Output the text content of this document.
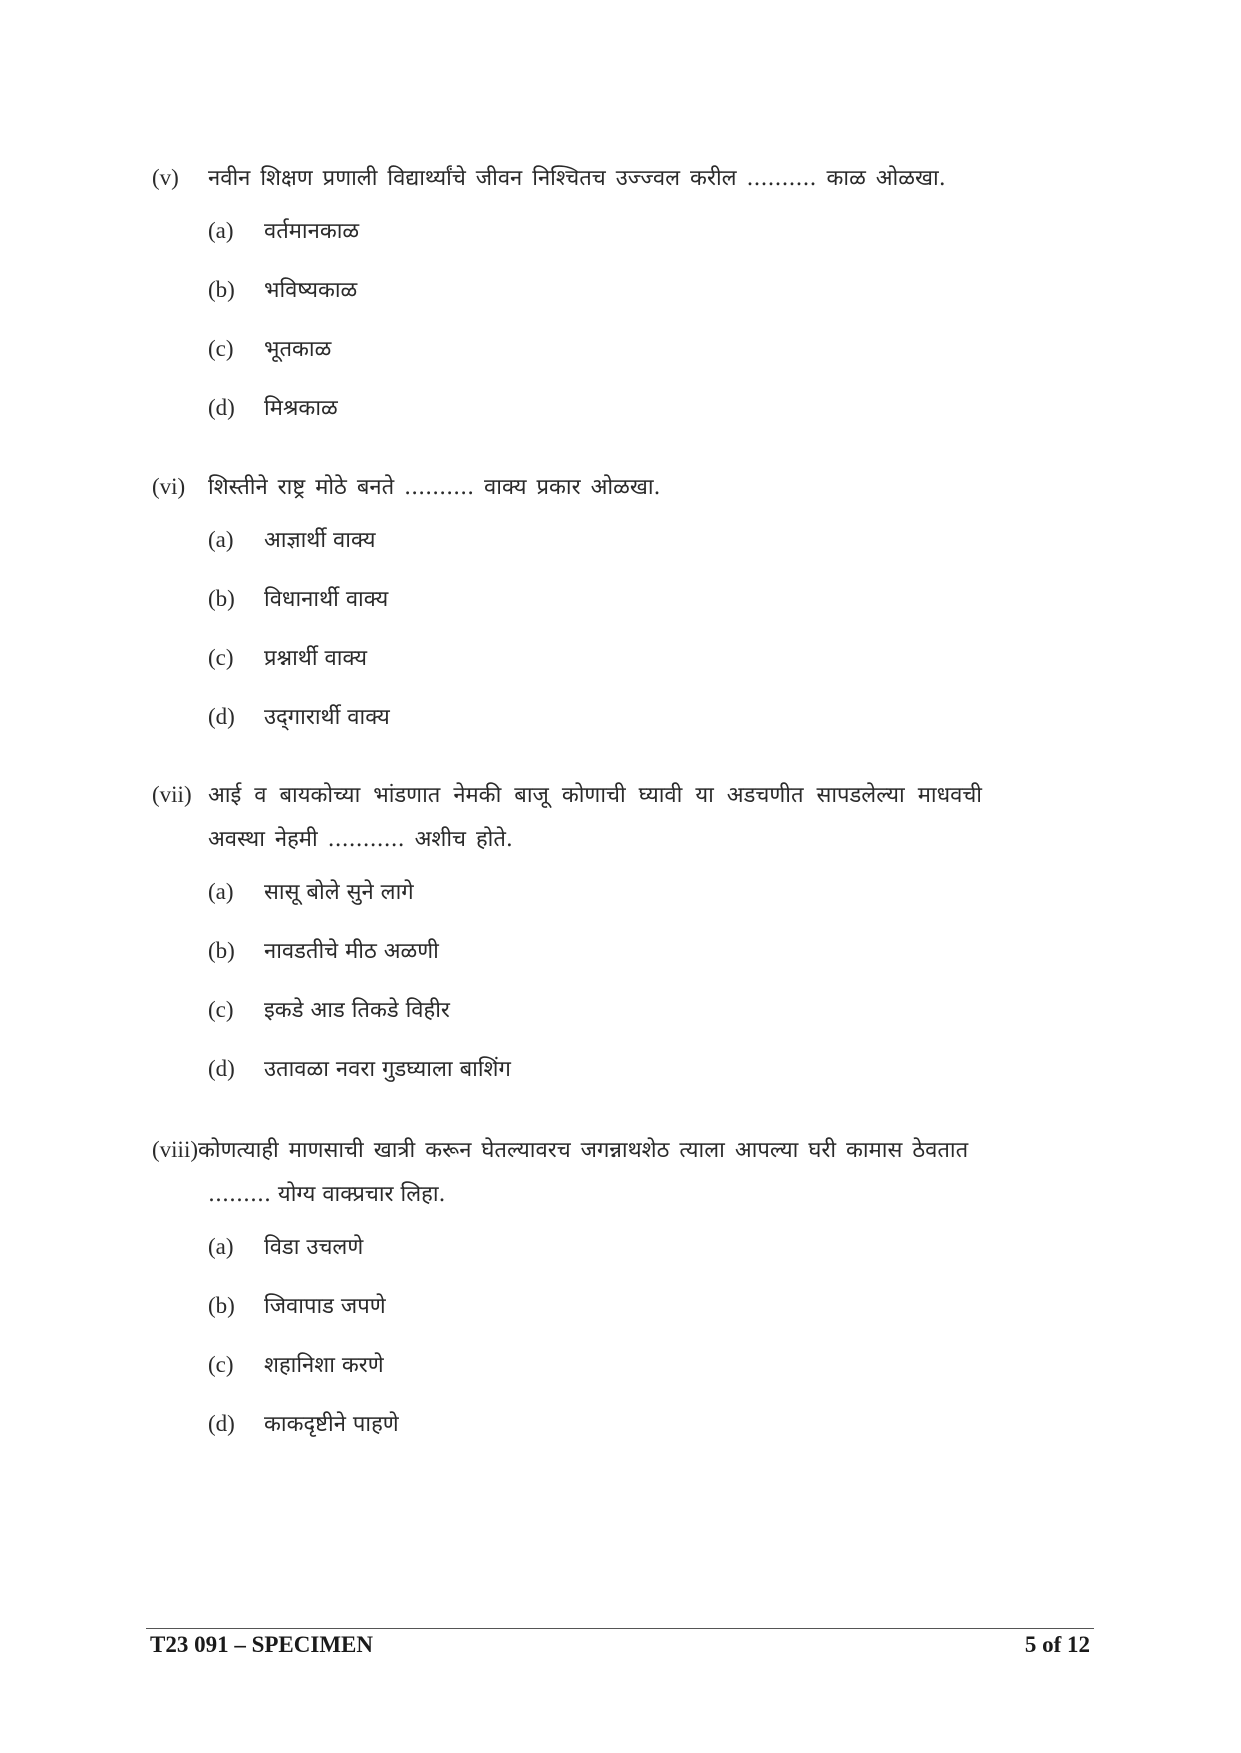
(v)	नवीन शिक्षण प्रणाली विद्यार्थ्यांचे जीवन निश्चितच उज्ज्वल करील .......... काळ ओळखा.
(a)	वर्तमानकाळ
(b)	भविष्यकाळ
(c)	भूतकाळ
(d)	मिश्रकाळ
(vi)	शिस्तीने राष्ट्र मोठे बनते .......... वाक्य प्रकार ओळखा.
(a)	आज्ञार्थी वाक्य
(b)	विधानार्थी वाक्य
(c)	प्रश्नार्थी वाक्य
(d)	उद्‌गारार्थी वाक्य
(vii) आई व बायकोच्या भांडणात नेमकी बाजू कोणाची घ्यावी या अडचणीत सापडलेल्या माधवची अवस्था नेहमी ........... अशीच होते.
(a)	सासू बोले सुने लागे
(b)	नावडतीचे मीठ अळणी
(c)	इकडे आड तिकडे विहीर
(d)	उतावळा नवरा गुडघ्याला बाशिंग
(viii) कोणत्याही माणसाची खात्री करून घेतल्यावरच जगन्नाथशेठ त्याला आपल्या घरी कामास ठेवतात
......... योग्य वाक्प्रचार लिहा.
(a)	विडा उचलणे
(b)	जिवापाड जपणे
(c)	शहानिशा करणे
(d)	काकदृष्टीने पाहणे
T23 091 – SPECIMEN	5 of 12
